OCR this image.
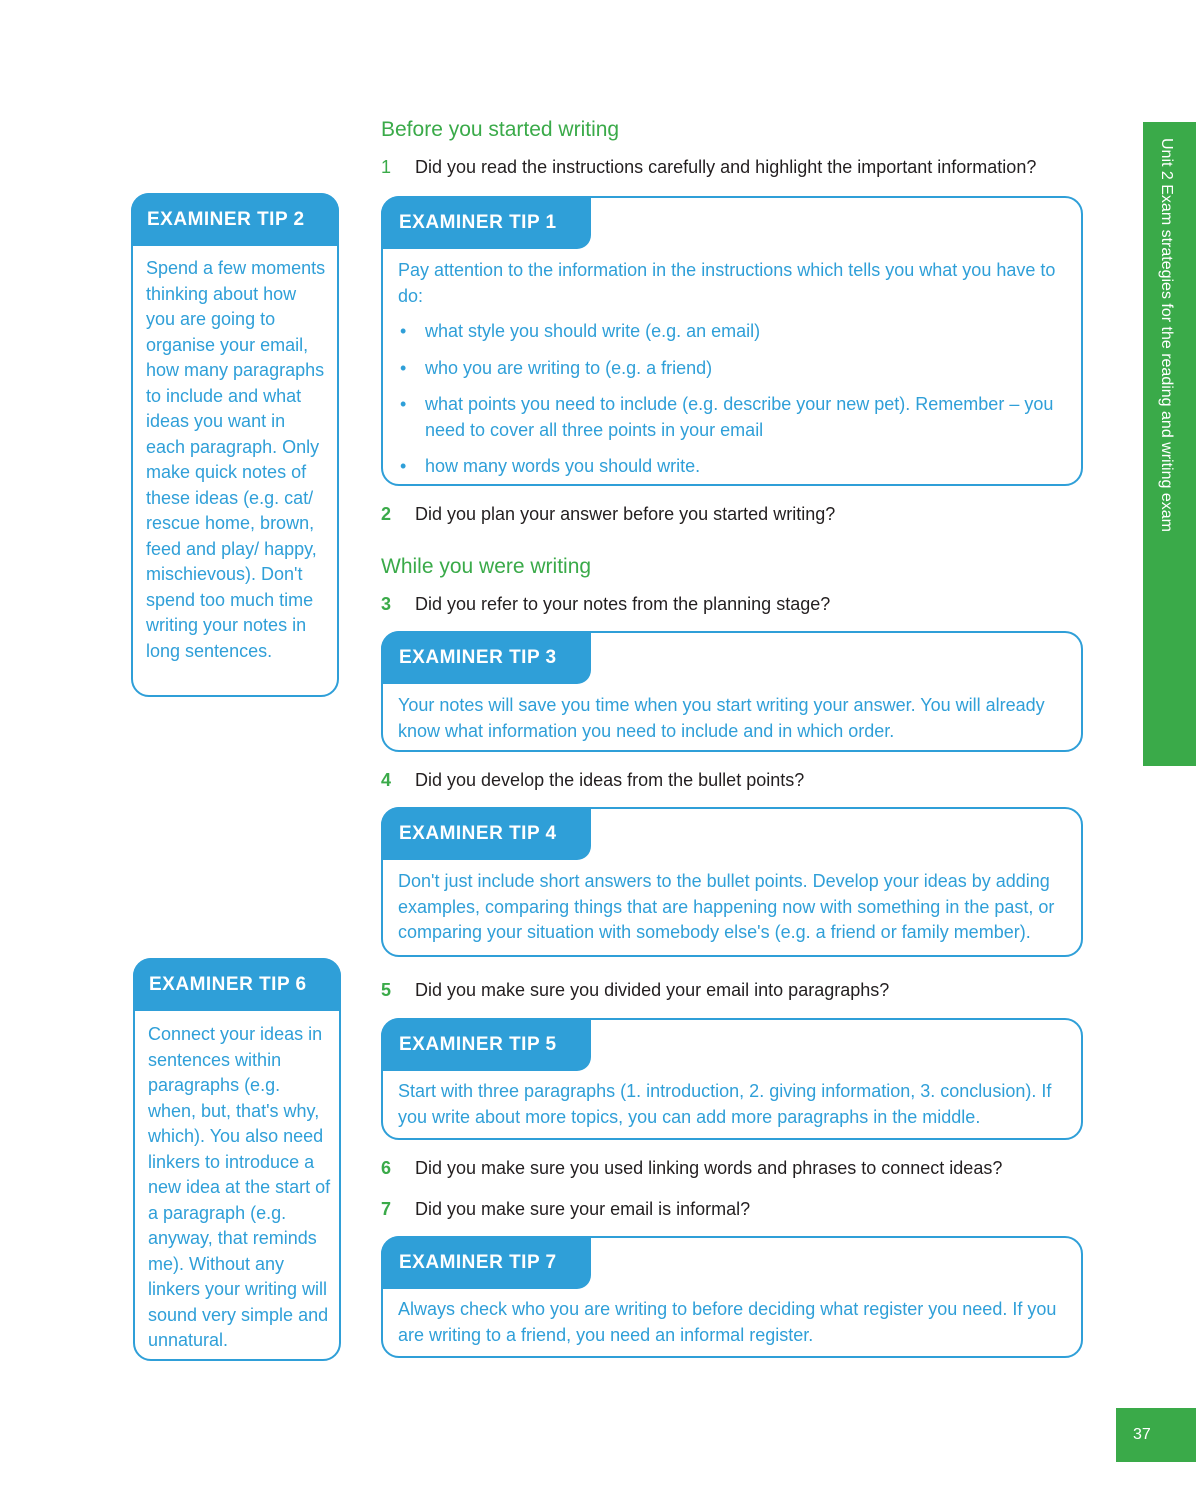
Before you started writing
1	Did you read the instructions carefully and highlight the important information?
EXAMINER TIP 1
Pay attention to the information in the instructions which tells you what you have to do:
• what style you should write (e.g. an email)
• who you are writing to (e.g. a friend)
• what points you need to include (e.g. describe your new pet). Remember – you need to cover all three points in your email
• how many words you should write.
EXAMINER TIP 2
Spend a few moments thinking about how you are going to organise your email, how many paragraphs to include and what ideas you want in each paragraph. Only make quick notes of these ideas (e.g. cat/ rescue home, brown, feed and play/ happy, mischievous). Don't spend too much time writing your notes in long sentences.
2	Did you plan your answer before you started writing?
While you were writing
3	Did you refer to your notes from the planning stage?
EXAMINER TIP 3
Your notes will save you time when you start writing your answer. You will already know what information you need to include and in which order.
4	Did you develop the ideas from the bullet points?
EXAMINER TIP 4
Don't just include short answers to the bullet points. Develop your ideas by adding examples, comparing things that are happening now with something in the past, or comparing your situation with somebody else's (e.g. a friend or family member).
EXAMINER TIP 6
Connect your ideas in sentences within paragraphs (e.g. when, but, that's why, which). You also need linkers to introduce a new idea at the start of a paragraph (e.g. anyway, that reminds me). Without any linkers your writing will sound very simple and unnatural.
5	Did you make sure you divided your email into paragraphs?
EXAMINER TIP 5
Start with three paragraphs (1. introduction, 2. giving information, 3. conclusion). If you write about more topics, you can add more paragraphs in the middle.
6	Did you make sure you used linking words and phrases to connect ideas?
7	Did you make sure your email is informal?
EXAMINER TIP 7
Always check who you are writing to before deciding what register you need. If you are writing to a friend, you need an informal register.
Unit 2 Exam strategies for the reading and writing exam
37
